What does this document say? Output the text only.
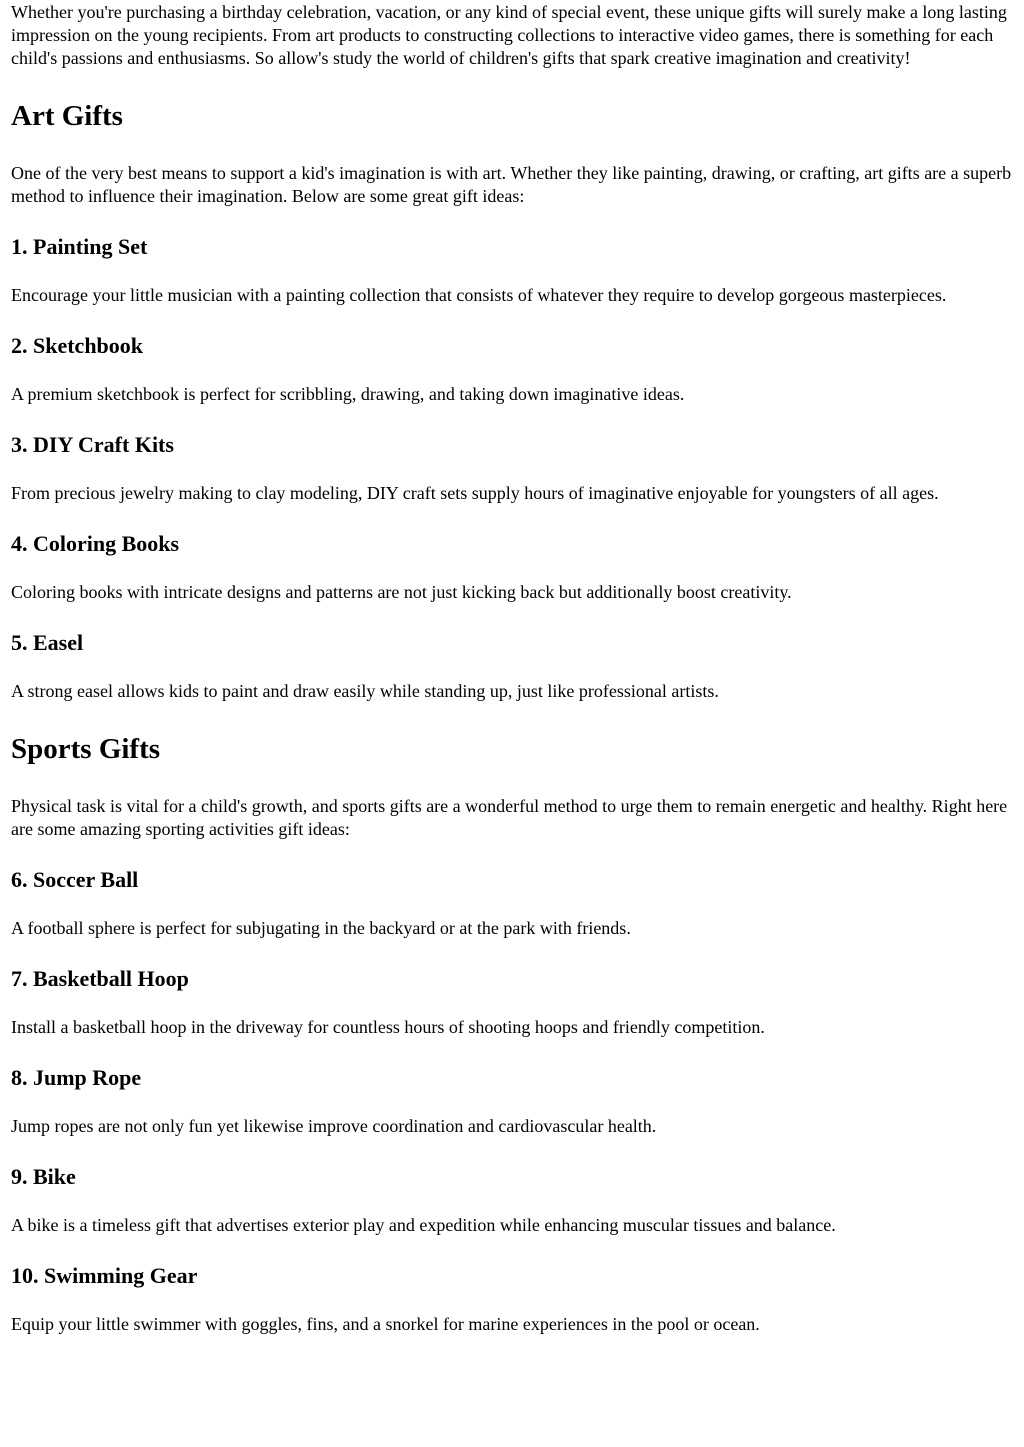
Whether you're purchasing a birthday celebration, vacation, or any kind of special event, these unique gifts will surely make a long lasting impression on the young recipients. From art products to constructing collections to interactive video games, there is something for each child's passions and enthusiasms. So allow's study the world of children's gifts that spark creative imagination and creativity!

Art Gifts

One of the very best means to support a kid's imagination is with art. Whether they like painting, drawing, or crafting, art gifts are a superb method to influence their imagination. Below are some great gift ideas:

1. Painting Set

Encourage your little musician with a painting collection that consists of whatever they require to develop gorgeous masterpieces.

2. Sketchbook

A premium sketchbook is perfect for scribbling, drawing, and taking down imaginative ideas.

3. DIY Craft Kits

From precious jewelry making to clay modeling, DIY craft sets supply hours of imaginative enjoyable for youngsters of all ages.

4. Coloring Books

Coloring books with intricate designs and patterns are not just kicking back but additionally boost creativity.

5. Easel

A strong easel allows kids to paint and draw easily while standing up, just like professional artists.

Sports Gifts

Physical task is vital for a child's growth, and sports gifts are a wonderful method to urge them to remain energetic and healthy. Right here are some amazing sporting activities gift ideas:

6. Soccer Ball

A football sphere is perfect for subjugating in the backyard or at the park with friends.

7. Basketball Hoop

Install a basketball hoop in the driveway for countless hours of shooting hoops and friendly competition.

8. Jump Rope

Jump ropes are not only fun yet likewise improve coordination and cardiovascular health.

9. Bike

A bike is a timeless gift that advertises exterior play and expedition while enhancing muscular tissues and balance.

10. Swimming Gear

Equip your little swimmer with goggles, fins, and a snorkel for marine experiences in the pool or ocean.
